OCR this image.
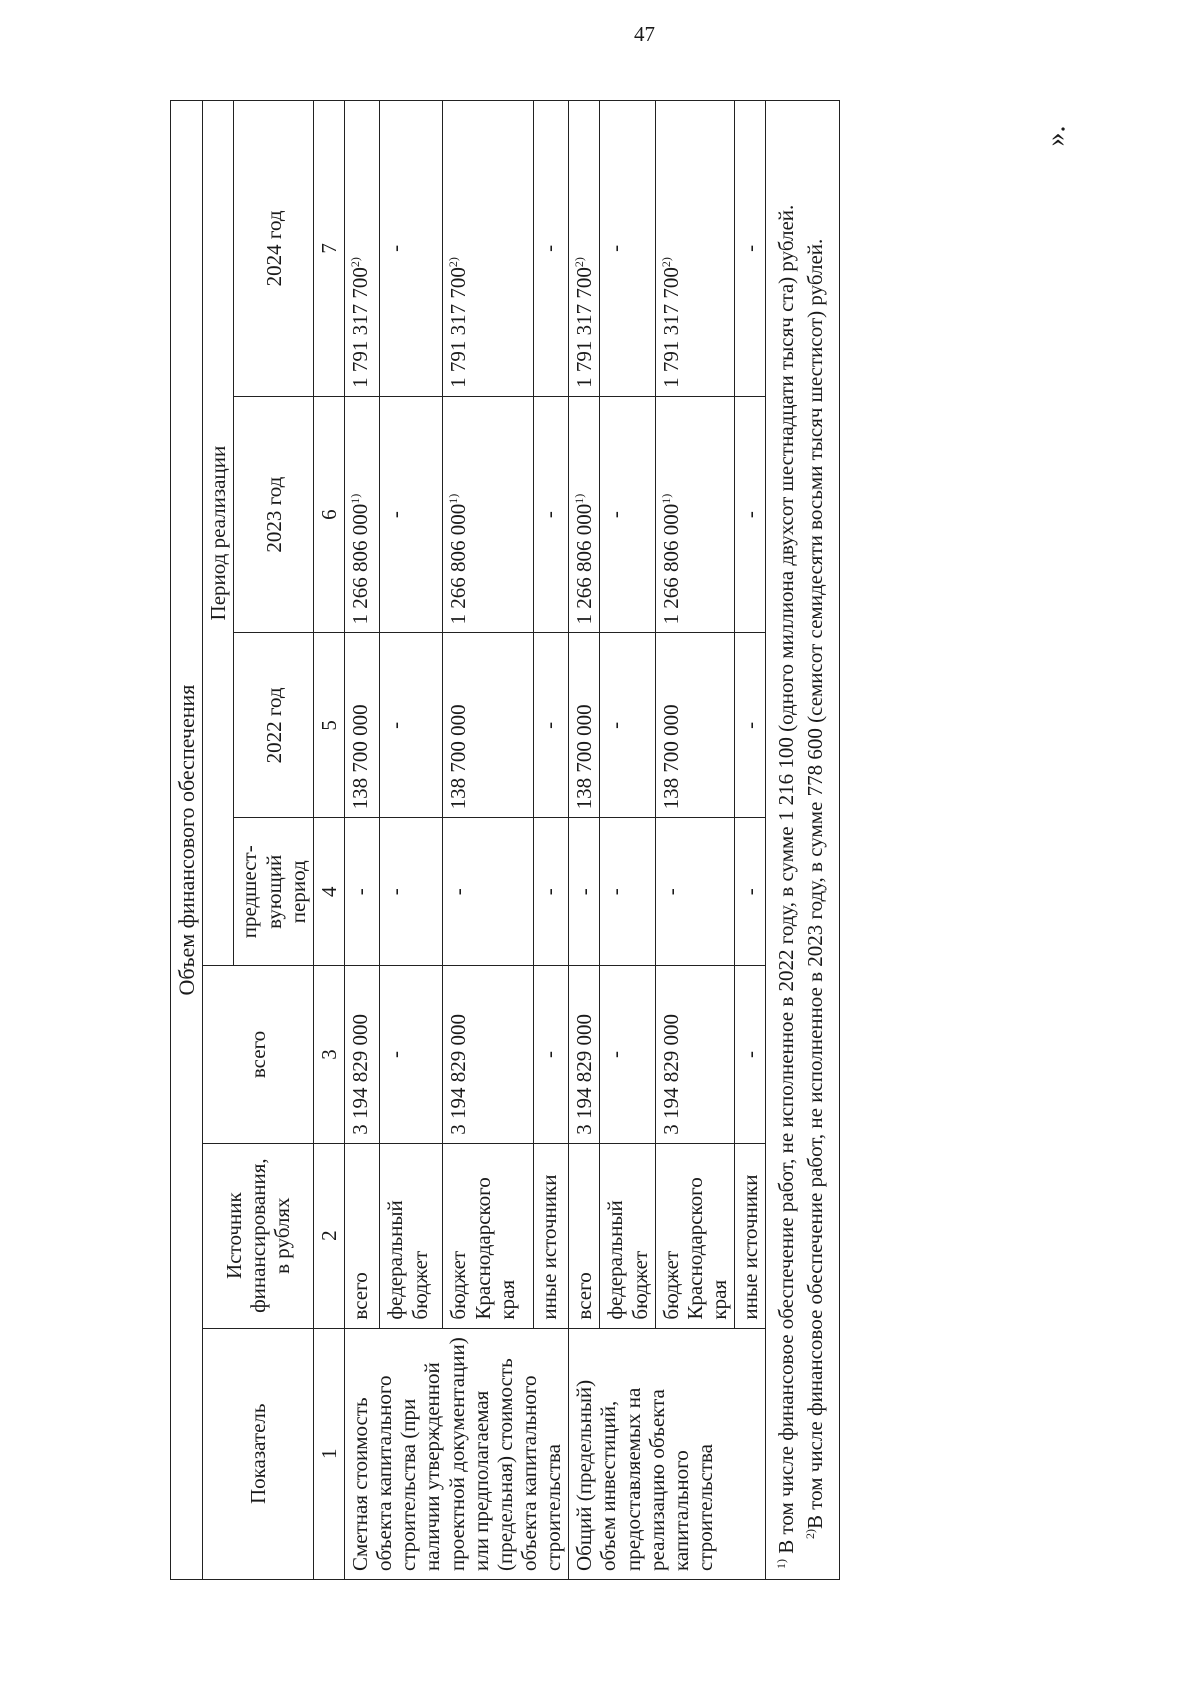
47
».
Объем финансового обеспечения						
Показатель	Источник финансирования, в рублях	всего	Период реализации			
			предшест-вующий период	2022 год	2023 год	2024 год
1	2	3	4	5	6	7
Сметная стоимость объекта капитального строительства (при наличии утвержденной проектной документации) или предполагаемая (предельная) стоимость объекта капитального строительства	всего	3 194 829 000	-	138 700 000	1 266 806 000$^{1)}$	1 791 317 700$^{2)}$
	федеральный бюджет	-	-	-	-	-
	бюджет Краснодарского края	3 194 829 000	-	138 700 000	1 266 806 000$^{1)}$	1 791 317 700$^{2)}$
	иные источники	-	-	-	-	-
Общий (предельный) объем инвестиций, предоставляемых на реализацию объекта капитального строительства	всего	3 194 829 000	-	138 700 000	1 266 806 000$^{1)}$	1 791 317 700$^{2)}$
	федеральный бюджет	-	-	-	-	-
	бюджет Краснодарского края	3 194 829 000	-	138 700 000	1 266 806 000$^{1)}$	1 791 317 700$^{2)}$
	иные источники	-	-	-	-	-

$^{1)}$ В том числе финансовое обеспечение работ, не исполненное в 2022 году, в сумме 1 216 100 (одного миллиона двухсот шестнадцати тысяч ста) рублей. $^{2)}$В том числе финансовое обеспечение работ, не исполненное в 2023 году, в сумме 778 600 (семисот семидесяти восьми тысяч шестисот) рублей.
